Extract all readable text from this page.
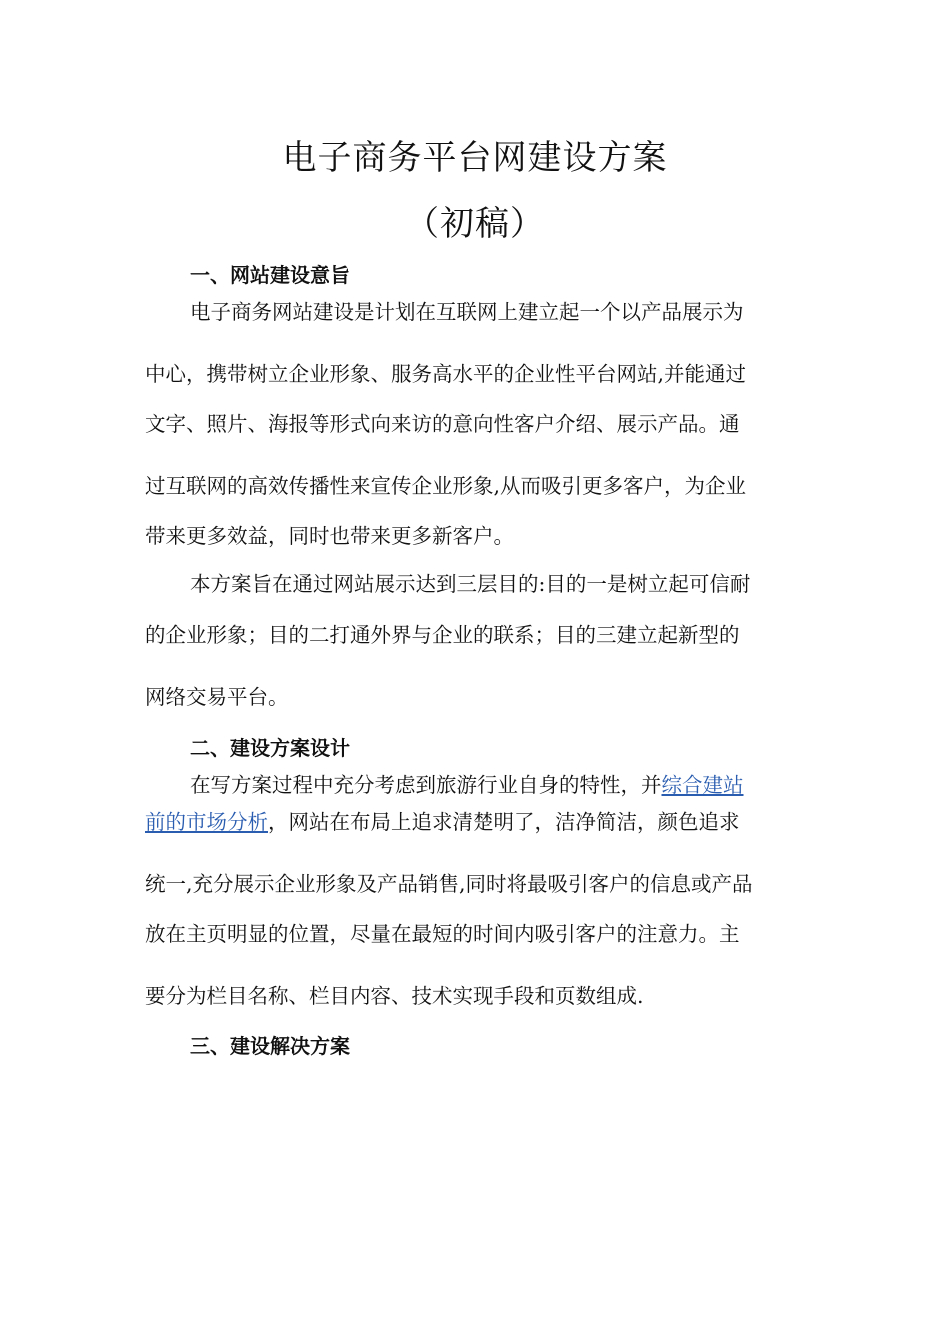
电子商务平台网建设方案
（初稿）
一、网站建设意旨

电子商务网站建设是计划在互联网上建立起一个以产品展示为

中心，携带树立企业形象、服务高水平的企业性平台网站,并能通过

文字、照片、海报等形式向来访的意向性客户介绍、展示产品。通

过互联网的高效传播性来宣传企业形象,从而吸引更多客户，为企业

带来更多效益，同时也带来更多新客户。

本方案旨在通过网站展示达到三层目的:目的一是树立起可信耐

的企业形象；目的二打通外界与企业的联系；目的三建立起新型的

网络交易平台。

二、建设方案设计

在写方案过程中充分考虑到旅游行业自身的特性，并综合建站

前的市场分析，网站在布局上追求清楚明了，洁净简洁，颜色追求

统一,充分展示企业形象及产品销售,同时将最吸引客户的信息或产品

放在主页明显的位置，尽量在最短的时间内吸引客户的注意力。主

要分为栏目名称、栏目内容、技术实现手段和页数组成.

三、建设解决方案
